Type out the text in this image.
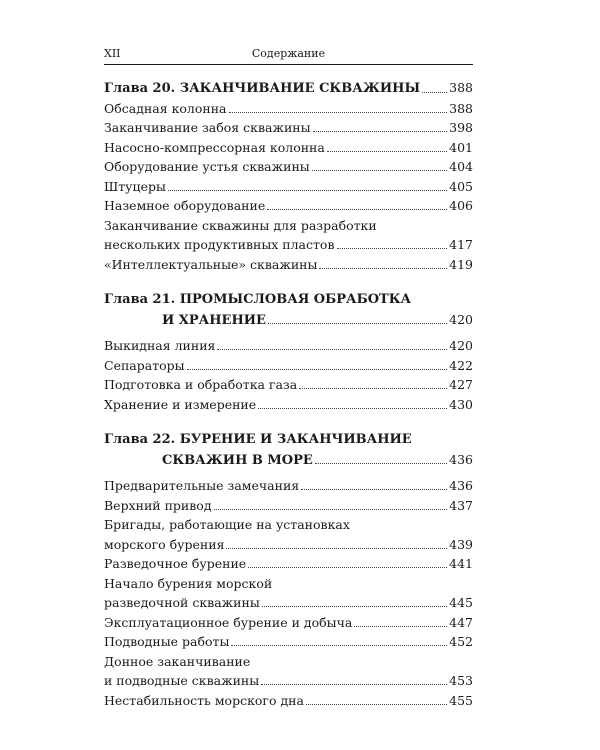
XII	Содержание
Глава 20. ЗАКАНЧИВАНИЕ СКВАЖИНЫ 388
Обсадная колонна	388
Заканчивание забоя скважины	398
Насосно-компрессорная колонна	401
Оборудование устья скважины	404
Штуцеры	405
Наземное оборудование	406
Заканчивание скважины для разработки
нескольких продуктивных пластов	417
«Интеллектуальные» скважины	419
Глава 21. ПРОМЫСЛОВАЯ ОБРАБОТКА
И ХРАНЕНИЕ	420
Выкидная линия	420
Сепараторы	422
Подготовка и обработка газа	427
Хранение и измерение	430
Глава 22. БУРЕНИЕ И ЗАКАНЧИВАНИЕ
СКВАЖИН В МОРЕ	436
Предварительные замечания	436
Верхний привод	437
Бригады, работающие на установках
морского бурения	439
Разведочное бурение	441
Начало бурения морской
разведочной скважины	445
Эксплуатационное бурение и добыча	447
Подводные работы	452
Донное заканчивание
и подводные скважины	453
Нестабильность морского дна	455
